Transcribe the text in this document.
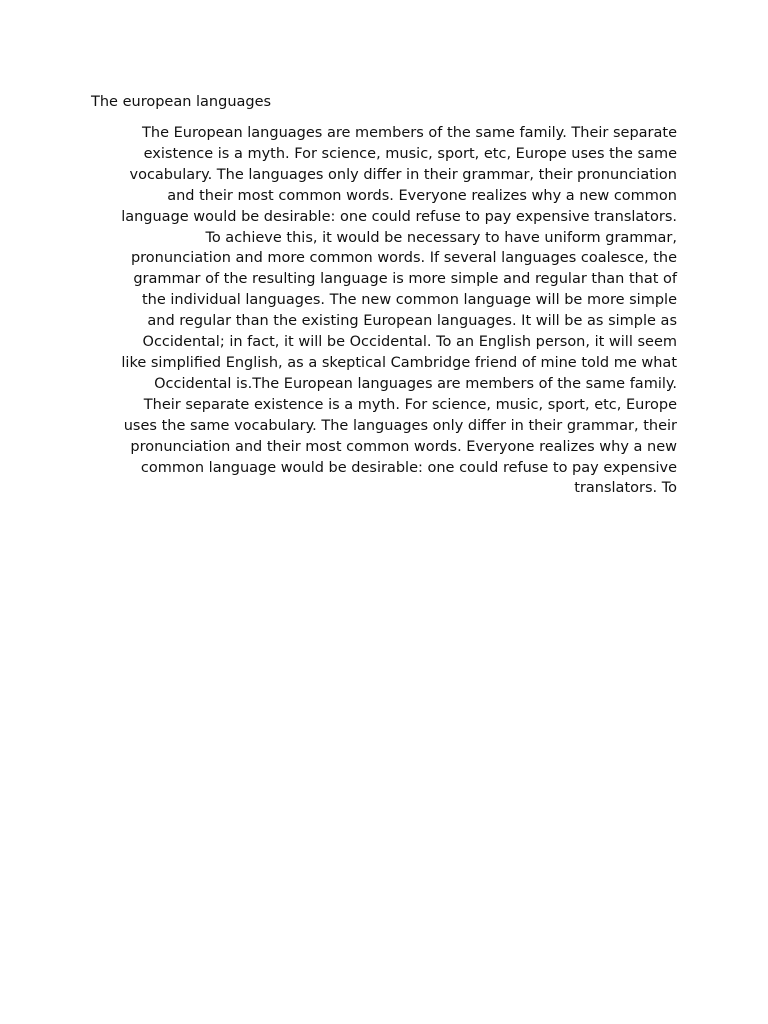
The european languages
The European languages are members of the same family. Their separate
existence is a myth. For science, music, sport, etc, Europe uses the same
vocabulary. The languages only differ in their grammar, their pronunciation
and their most common words. Everyone realizes why a new common
language would be desirable: one could refuse to pay expensive translators.
To achieve this, it would be necessary to have uniform grammar,
pronunciation and more common words. If several languages coalesce, the
grammar of the resulting language is more simple and regular than that of
the individual languages. The new common language will be more simple
and regular than the existing European languages. It will be as simple as
Occidental; in fact, it will be Occidental. To an English person, it will seem
like simplified English, as a skeptical Cambridge friend of mine told me what
Occidental is.The European languages are members of the same family.
Their separate existence is a myth. For science, music, sport, etc, Europe
uses the same vocabulary. The languages only differ in their grammar, their
pronunciation and their most common words. Everyone realizes why a new
common language would be desirable: one could refuse to pay expensive
translators. To
